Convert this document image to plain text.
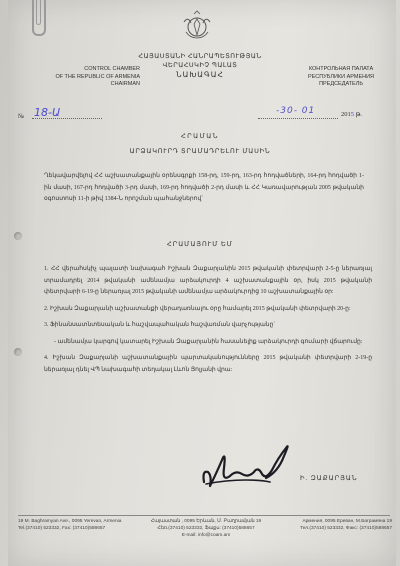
ՀԱՅԱՍՏԱՆԻ ՀԱՆՐԱՊԵՏՈՒԹՅԱՆ
ՎԵՐԱՀՍԿԻՉ ՊԱԼԱՏ
ՆԱԽԱԳԱՀ
CONTROL CHAMBER
OF THE REPUBLIC OF ARMENIA
CHAIRMAN
КОНТРОЛЬНАЯ ПАЛАТА
РЕСПУБЛИКИ АРМЕНИЯ
ПРЕДСЕДАТЕЛЬ
№ 18-Ա	-30- 01	2015 թ.
ՀՐԱՄԱՆ
ԱՐՁԱԿՈՒՐԴ ՏՐԱՄԱԴՐԵԼՈՒ ՄԱՍԻՆ
Ղեկավարվելով ՀՀ աշխատանքային օրենսգրքի 158-րդ, 159-րդ, 163-րդ հոդվածների, 164-րդ հոդվածի 1-ին մասի, 167-րդ հոդվածի 3-րդ մասի, 169-րդ հոդվածի 2-րդ մասի և ՀՀ Կառավարության 2005 թվականի օգոստոսի 11-ի թիվ 1384-Ն որոշման պահանջներով`
ՀՐԱՄԱՅՈՒՄ ԵՄ

1. ՀՀ վերահսկիչ պալատի նախագահ Իշխան Զաքարյանին 2015 թվականի փետրվարի 2-5-ը ներառյալ տրամադրել 2014 թվականի ամենամյա արձակուրդի 4 աշխատանքային օր, իսկ 2015 թվականի փետրվարի 6-19-ը ներառյալ 2015 թվականի ամենամյա արձակուրդից 10 աշխատանքային օր:

2. Իշխան Զաքարյանի աշխատանքի վերադառնալու օրը համարել 2015 թվականի փետրվարի 20-ը:

3. Ֆինանսատնտեսական և հաշվապահական հաշվառման վարչությանը`

- ամենամյա կարգով կատարել Իշխան Զաքարյանին հասանելիք արձակուրդի գումարի վճարումը:

4. Իշխան Զաքարյանի աշխատանքային պարտականությունները 2015 թվականի փետրվարի 2-19-ը ներառյալ դնել ՎՊ նախագահի տեղակալ Լևոն Յոլյանի վրա:

Ի. ԶԱՔԱՐՅԱՆ
19 M. Baghramyan Ave., 0095 Yerevan, Armenia
Tel.(37410) 523332, Fax: (37410)588657
Հայաստան , 0095 Երևան, Մ. Բաղրամյան 19
Հեռ.(37410) 523332, Ֆաքս: (37410)588657
E-mail: info@coam.am
Армения, 0095 Ереван, М.Баграмяна 19
Тел.(37410) 523332, Факс: (37410)588657
